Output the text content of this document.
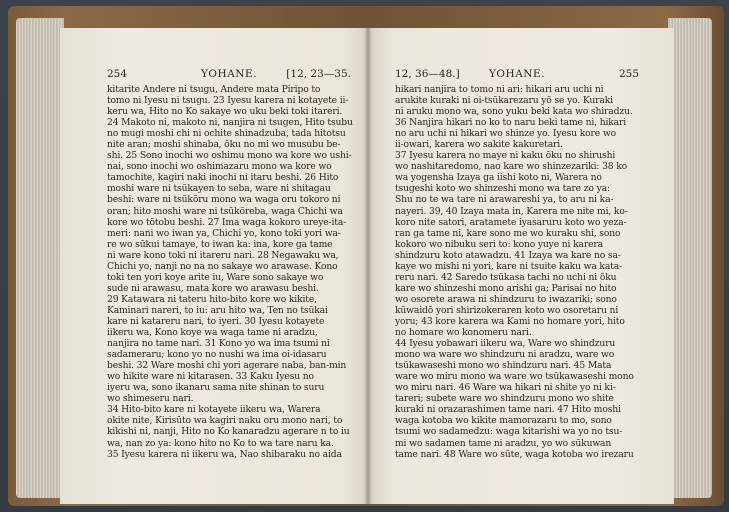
254	YOHANE.	[12, 23—35.
kitarite Andere ni tsugu, Andere mata Piripo to
tomo ni Iyesu ni tsugu. 23 Iyesu karera ni kotayete ii-
keru wa, Hito no Ko sakaye wo uku beki toki itareri.
24 Makoto ni, makoto ni, nanjira ni tsugen, Hito tsubu
no mugi moshi chi ni ochite shinadzuba, tada hitotsu
nite aran; moshi shinaba, ōku no mi wo musubu be-
shi. 25 Sono inochi wo oshimu mono wa kore wo ushi-
nai, sono inochi wo oshimazaru mono wa kore wo
tamochite, kagiri naki inochi ni itaru beshi. 26 Hito
moshi ware ni tsūkayen to seba, ware ni shitagau
beshi: ware ni tsūkōru mono wa waga oru tokoro ni
oran; hito moshi ware ni tsūkōreba, waga Chichi wa
kore wo tōtobu beshi. 27 Ima waga kokoro ureye-ita-
meri: nani wo iwan ya, Chichi yo, kono toki yori wa-
re wo sūkui tamaye, to iwan ka: ina, kore ga tame
ni ware kono toki ni itareru nari. 28 Negawaku wa,
Chichi yo, nanji no na no sakaye wo arawase. Kono
toki ten yori koye arite iu, Ware sono sakaye wo
sude ni arawasu, mata kore wo arawasu beshi.
29 Katawara ni tateru hito-bito kore wo kikite,
Kaminari nareri, to iu: aru hito wa, Ten no tsūkai
kare ni katareru nari, to iyeri. 30 Iyesu kotayete
iikeru wa, Kono koye wa waga tame ni aradzu,
nanjira no tame nari. 31 Kono yo wa ima tsumi ni
sadameraru; kono yo no nushi wa ima oi-idasaru
beshi. 32 Ware moshi chi yori agerare naba, ban-min
wo hikite ware ni kitarasen. 33 Kaku Iyesu no
iyeru wa, sono ikanaru sama nite shinan to suru
wo shimeseru nari.
34 Hito-bito kare ni kotayete iikeru wa, Warera
okite nite, Kirisūto wa kagiri naku oru mono nari, to
kikishi ni, nanji, Hito no Ko kanaradzu agerare n to iu
wa, nan zo ya: kono hito no Ko to wa tare naru ka.
35 Iyesu karera ni iikeru wa, Nao shibaraku no aida
12, 36—48.]	YOHANE.	255
hikari nanjira to tomo ni ari: hikari aru uchi ni
arukite kuraki ni oi-tsūkarezaru yō se yo. Kuraki
ni aruku mono wa, sono yuku beki kata wo shiradzu.
36 Nanjira hikari no ko to naru beki tame ni, hikari
no aru uchi ni hikari wo shinze yo. Iyesu kore wo
ii-owari, karera wo sakite kakuretari.
37 Iyesu karera no maye ni kaku ōku no shirushi
wo nashitaredomo, nao kare wo shinzezariki: 38 ko
wa yogensha Izaya ga iishi koto ni, Warera no
tsugeshi koto wo shinzeshi mono wa tare zo ya:
Shu no te wa tare ni arawareshi ya, to aru ni ka-
nayeri. 39, 40 Izaya mata in, Karera me nite mi, ko-
koro nite satori, aratamete iyasaruru koto wo yeza-
ran ga tame ni, kare sono me wo kuraku shi, sono
kokoro wo nibuku seri to: kono yuye ni karera
shindzuru koto atawadzu. 41 Izaya wa kare no sa-
kaye wo mishi ni yori, kare ni tsuite kaku wa kata-
reru nari. 42 Saredo tsūkasa tachi no uchi ni ōku
kare wo shinzeshi mono arishi ga; Parisai no hito
wo osorete arawa ni shindzuru to iwazariki; sono
kūwaidō yori shirizokeraren koto wo osoretaru ni
yoru; 43 kore karera wa Kami no homare yori, hito
no homare wo konomeru nari.
44 Iyesu yobawari iikeru wa, Ware wo shindzuru
mono wa ware wo shindzuru ni aradzu, ware wo
tsūkawaseshi mono wo shindzuru nari. 45 Mata
ware wo miru mono wa ware wo tsūkawaseshi mono
wo miru nari. 46 Ware wa hikari ni shite yo ni ki-
tareri; subete ware wo shindzuru mono wo shite
kuraki ni orazarashimen tame nari. 47 Hito moshi
waga kotoba wo kikite mamorazaru to mo, sono
tsumi wo sadamedzu: waga kitarishi wa yo no tsu-
mi wo sadamen tame ni aradzu, yo wo sūkuwan
tame nari. 48 Ware wo sūte, waga kotoba wo irezaru
